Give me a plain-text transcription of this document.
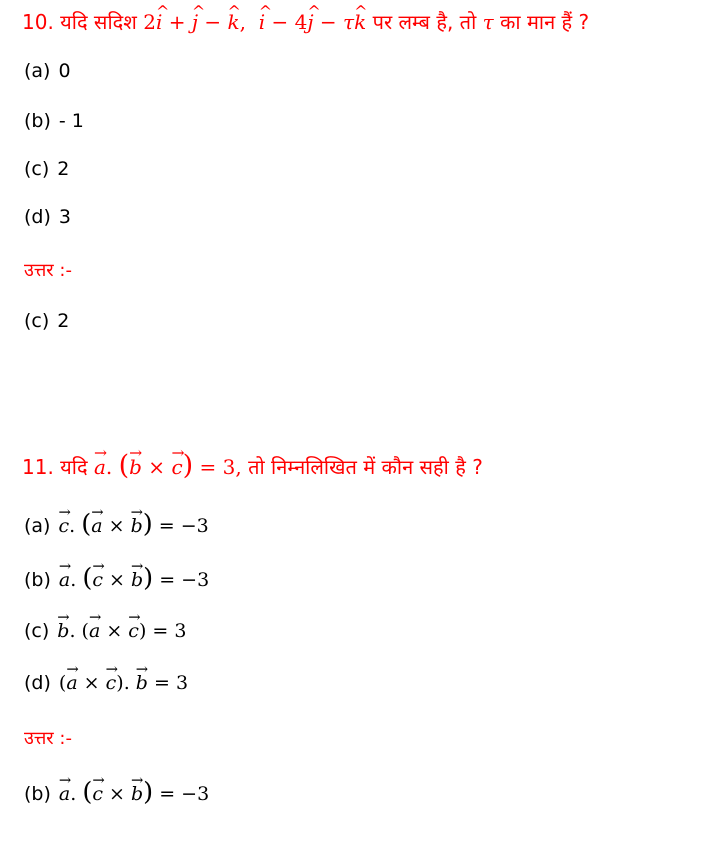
10.
यदि सदिश
2^ i + ^ j − ^ k,  ^ i − 4^ j − τ^ k
पर लम्ब है, तो
τ
का मान हैं ?
(a) 0
(b) - 1
(c) 2
(d) 3
उत्तर :-
(c) 2
11.
यदि
→ a. (→ b × → c) = 3,
तो निम्नलिखित में कौन सही है ?
(a) → c. (→ a × → b) = −3
(b) → a. (→ c × → b) = −3
(c) → b. (→ a × → c) = 3
(d) (→ a × → c). → b = 3
उत्तर :-
(b) → a. (→ c × → b) = −3
